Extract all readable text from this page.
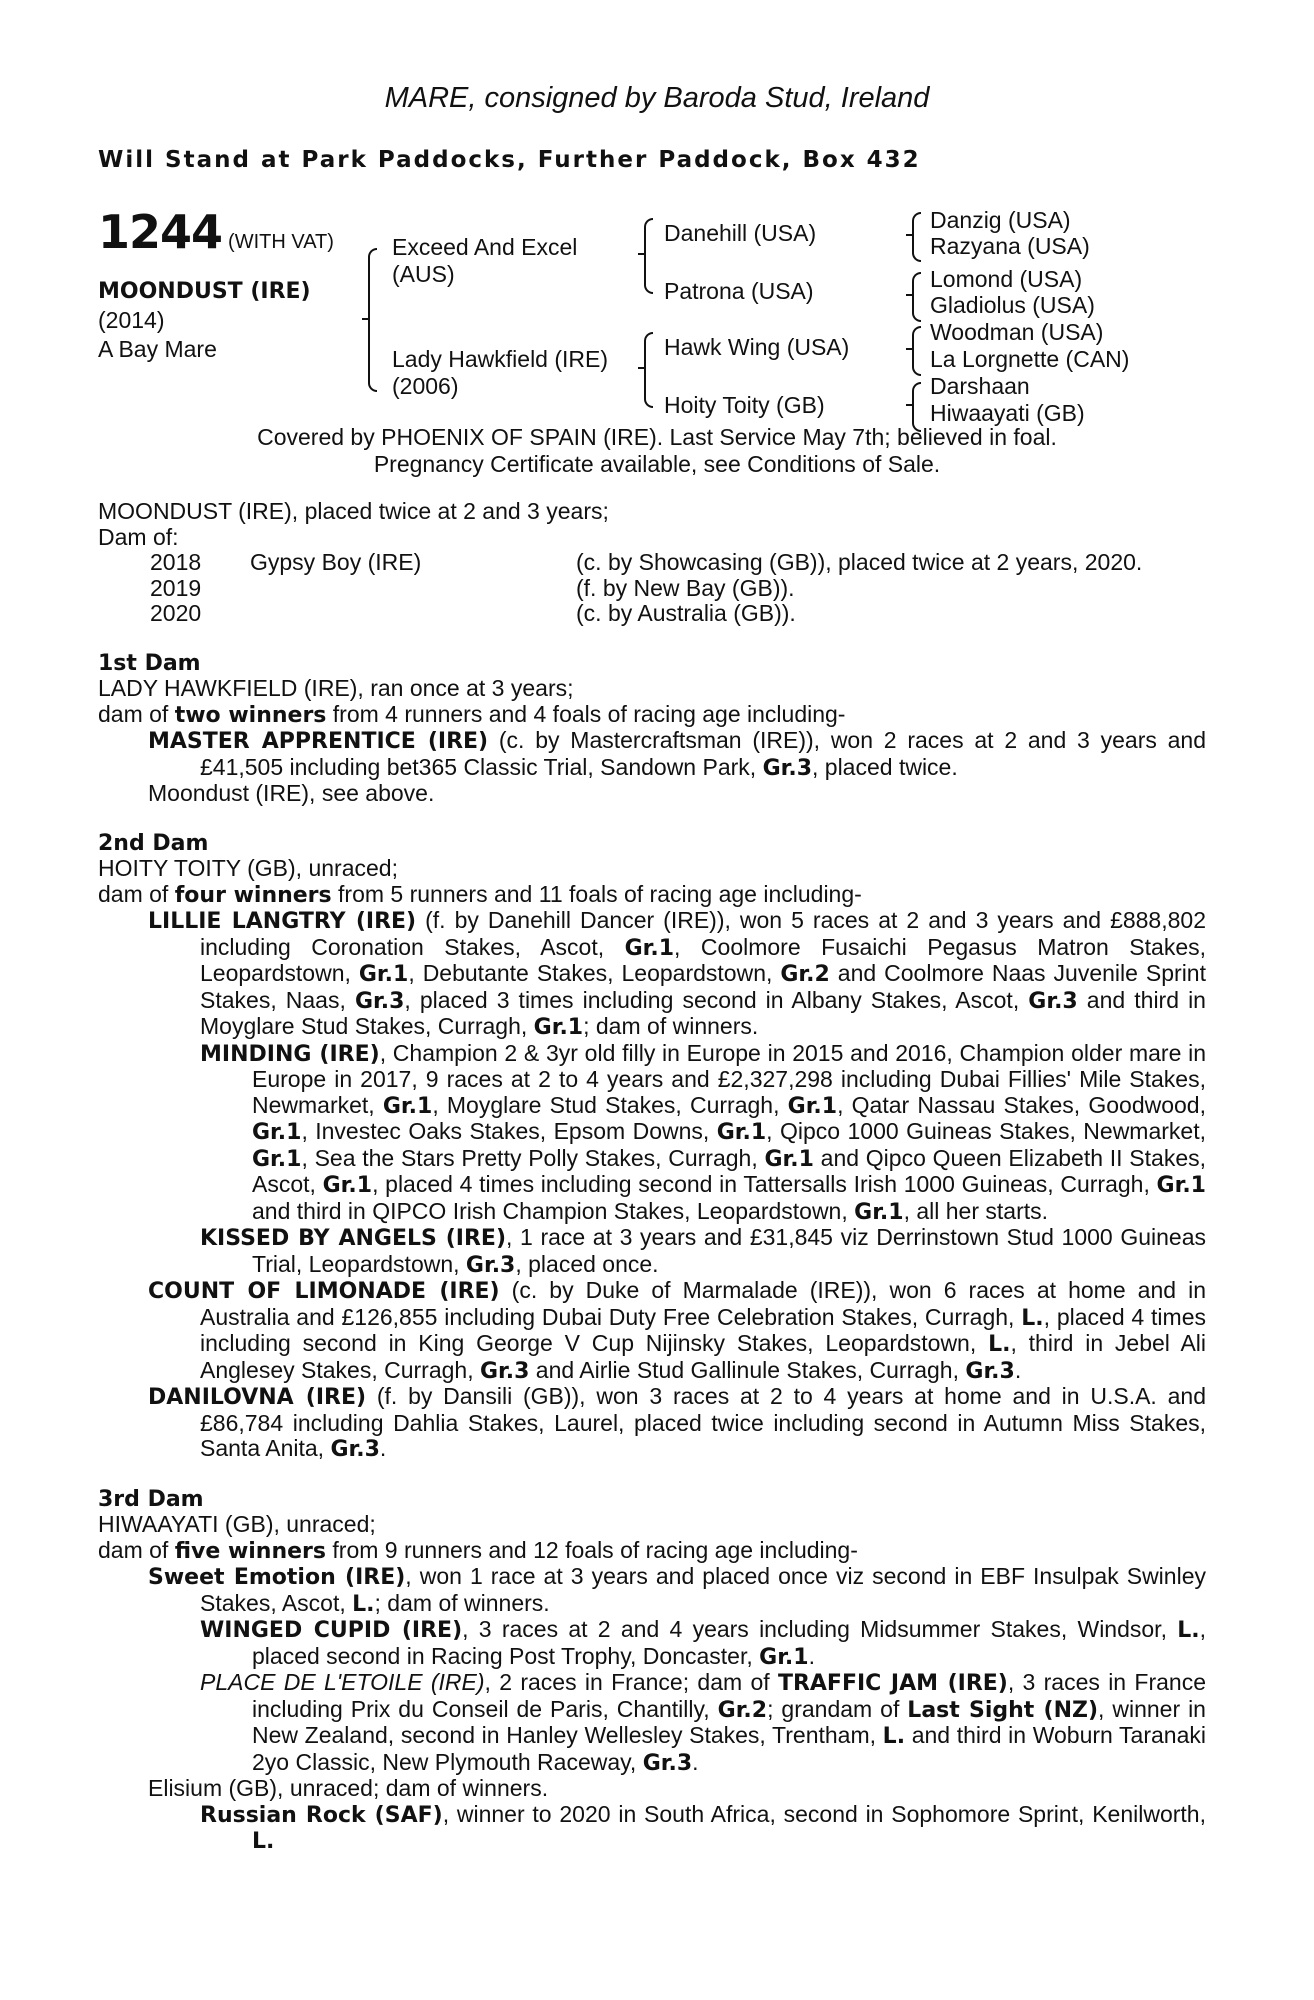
MARE, consigned by Baroda Stud, Ireland
Will Stand at Park Paddocks, Further Paddock, Box 432
1244 (WITH VAT)
MOONDUST (IRE)
(2014)
A Bay Mare
Exceed And Excel
(AUS)
Lady Hawkfield (IRE)
(2006)
Danehill (USA)
Patrona (USA)
Hawk Wing (USA)
Hoity Toity (GB)
Danzig (USA)
Razyana (USA)
Lomond (USA)
Gladiolus (USA)
Woodman (USA)
La Lorgnette (CAN)
Darshaan
Hiwaayati (GB)
Covered by PHOENIX OF SPAIN (IRE). Last Service May 7th; believed in foal.
Pregnancy Certificate available, see Conditions of Sale.

MOONDUST (IRE), placed twice at 2 and 3 years;

Dam of:

2018	Gypsy Boy (IRE)	(c. by Showcasing (GB)), placed twice at 2 years, 2020.
2019	(f. by New Bay (GB)).
2020	(c. by Australia (GB)).

1st Dam

LADY HAWKFIELD (IRE), ran once at 3 years;

dam of two winners from 4 runners and 4 foals of racing age including-

MASTER APPRENTICE (IRE) (c. by Mastercraftsman (IRE)), won 2 races at 2 and 3 years and £41,505 including bet365 Classic Trial, Sandown Park, Gr.3, placed twice.

Moondust (IRE), see above.

2nd Dam

HOITY TOITY (GB), unraced;

dam of four winners from 5 runners and 11 foals of racing age including-

LILLIE LANGTRY (IRE) (f. by Danehill Dancer (IRE)), won 5 races at 2 and 3 years and £888,802 including Coronation Stakes, Ascot, Gr.1, Coolmore Fusaichi Pegasus Matron Stakes, Leopardstown, Gr.1, Debutante Stakes, Leopardstown, Gr.2 and Coolmore Naas Juvenile Sprint Stakes, Naas, Gr.3, placed 3 times including second in Albany Stakes, Ascot, Gr.3 and third in Moyglare Stud Stakes, Curragh, Gr.1; dam of winners.

MINDING (IRE), Champion 2 & 3yr old filly in Europe in 2015 and 2016, Champion older mare in Europe in 2017, 9 races at 2 to 4 years and £2,327,298 including Dubai Fillies' Mile Stakes, Newmarket, Gr.1, Moyglare Stud Stakes, Curragh, Gr.1, Qatar Nassau Stakes, Goodwood, Gr.1, Investec Oaks Stakes, Epsom Downs, Gr.1, Qipco 1000 Guineas Stakes, Newmarket, Gr.1, Sea the Stars Pretty Polly Stakes, Curragh, Gr.1 and Qipco Queen Elizabeth II Stakes, Ascot, Gr.1, placed 4 times including second in Tattersalls Irish 1000 Guineas, Curragh, Gr.1 and third in QIPCO Irish Champion Stakes, Leopardstown, Gr.1, all her starts.

KISSED BY ANGELS (IRE), 1 race at 3 years and £31,845 viz Derrinstown Stud 1000 Guineas Trial, Leopardstown, Gr.3, placed once.

COUNT OF LIMONADE (IRE) (c. by Duke of Marmalade (IRE)), won 6 races at home and in Australia and £126,855 including Dubai Duty Free Celebration Stakes, Curragh, L., placed 4 times including second in King George V Cup Nijinsky Stakes, Leopardstown, L., third in Jebel Ali Anglesey Stakes, Curragh, Gr.3 and Airlie Stud Gallinule Stakes, Curragh, Gr.3.

DANILOVNA (IRE) (f. by Dansili (GB)), won 3 races at 2 to 4 years at home and in U.S.A. and £86,784 including Dahlia Stakes, Laurel, placed twice including second in Autumn Miss Stakes, Santa Anita, Gr.3.

3rd Dam

HIWAAYATI (GB), unraced;

dam of five winners from 9 runners and 12 foals of racing age including-

Sweet Emotion (IRE), won 1 race at 3 years and placed once viz second in EBF Insulpak Swinley Stakes, Ascot, L.; dam of winners.

WINGED CUPID (IRE), 3 races at 2 and 4 years including Midsummer Stakes, Windsor, L., placed second in Racing Post Trophy, Doncaster, Gr.1.

PLACE DE L'ETOILE (IRE), 2 races in France; dam of TRAFFIC JAM (IRE), 3 races in France including Prix du Conseil de Paris, Chantilly, Gr.2; grandam of Last Sight (NZ), winner in New Zealand, second in Hanley Wellesley Stakes, Trentham, L. and third in Woburn Taranaki 2yo Classic, New Plymouth Raceway, Gr.3.

Elisium (GB), unraced; dam of winners.

Russian Rock (SAF), winner to 2020 in South Africa, second in Sophomore Sprint, Kenilworth, L.
